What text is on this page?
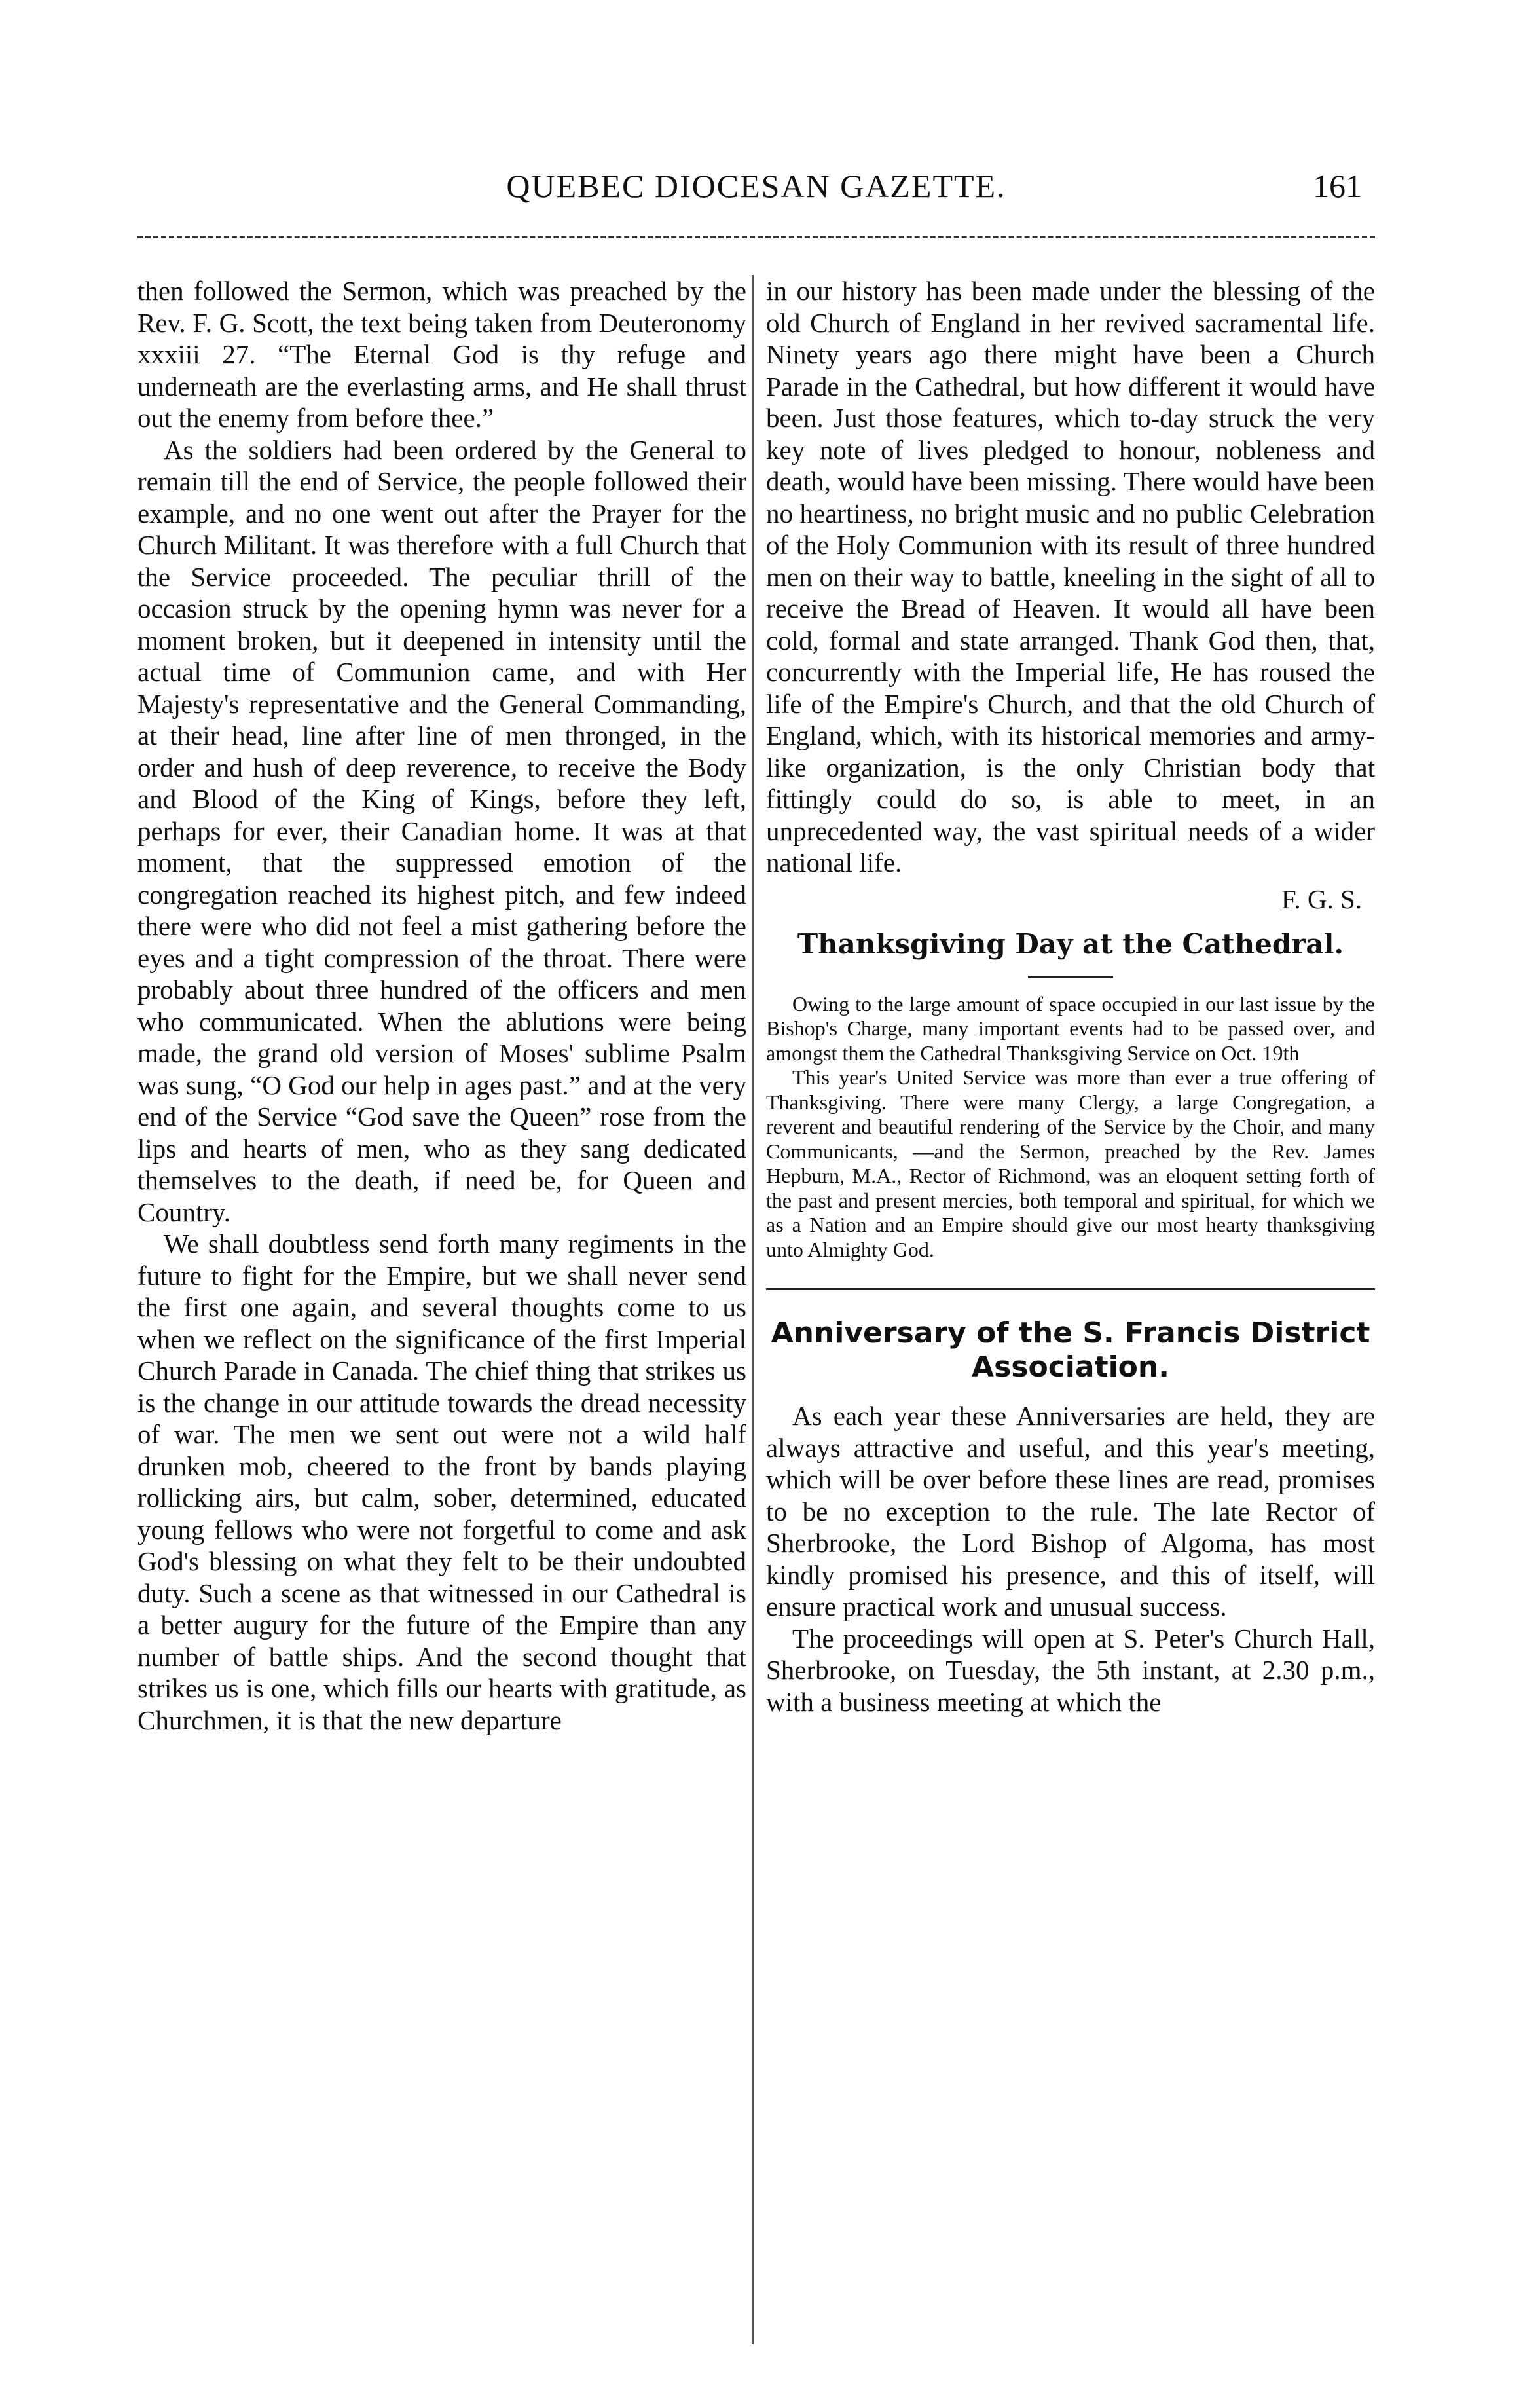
QUEBEC DIOCESAN GAZETTE.	161

then followed the Sermon, which was preached by the Rev. F. G. Scott, the text being taken from Deuteronomy xxxiii 27. “The Eternal God is thy refuge and underneath are the everlasting arms, and He shall thrust out the enemy from before thee.”

As the soldiers had been ordered by the General to remain till the end of Service, the people followed their example, and no one went out after the Prayer for the Church Militant. It was therefore with a full Church that the Service proceeded. The peculiar thrill of the occasion struck by the opening hymn was never for a moment broken, but it deepened in intensity until the actual time of Communion came, and with Her Majesty's representative and the General Commanding, at their head, line after line of men thronged, in the order and hush of deep reverence, to receive the Body and Blood of the King of Kings, before they left, perhaps for ever, their Canadian home. It was at that moment, that the suppressed emotion of the congregation reached its highest pitch, and few indeed there were who did not feel a mist gathering before the eyes and a tight compression of the throat. There were probably about three hundred of the officers and men who communicated. When the ablutions were being made, the grand old version of Moses' sublime Psalm was sung, “O God our help in ages past.” and at the very end of the Service “God save the Queen” rose from the lips and hearts of men, who as they sang dedicated themselves to the death, if need be, for Queen and Country.

We shall doubtless send forth many regiments in the future to fight for the Empire, but we shall never send the first one again, and several thoughts come to us when we reflect on the significance of the first Imperial Church Parade in Canada. The chief thing that strikes us is the change in our attitude towards the dread necessity of war. The men we sent out were not a wild half drunken mob, cheered to the front by bands playing rollicking airs, but calm, sober, determined, educated young fellows who were not forgetful to come and ask God's blessing on what they felt to be their undoubted duty. Such a scene as that witnessed in our Cathedral is a better augury for the future of the Empire than any number of battle ships. And the second thought that strikes us is one, which fills our hearts with gratitude, as Churchmen, it is that the new departure

in our history has been made under the blessing of the old Church of England in her revived sacramental life. Ninety years ago there might have been a Church Parade in the Cathedral, but how different it would have been. Just those features, which to-day struck the very key note of lives pledged to honour, nobleness and death, would have been missing. There would have been no heartiness, no bright music and no public Celebration of the Holy Communion with its result of three hundred men on their way to battle, kneeling in the sight of all to receive the Bread of Heaven. It would all have been cold, formal and state arranged. Thank God then, that, concurrently with the Imperial life, He has roused the life of the Empire's Church, and that the old Church of England, which, with its historical memories and army-like organization, is the only Christian body that fittingly could do so, is able to meet, in an unprecedented way, the vast spiritual needs of a wider national life.

F. G. S.
Thanksgiving Day at the Cathedral.

Owing to the large amount of space occupied in our last issue by the Bishop's Charge, many important events had to be passed over, and amongst them the Cathedral Thanksgiving Service on Oct. 19th

This year's United Service was more than ever a true offering of Thanksgiving. There were many Clergy, a large Congregation, a reverent and beautiful rendering of the Service by the Choir, and many Communicants, —and the Sermon, preached by the Rev. James Hepburn, M.A., Rector of Richmond, was an eloquent setting forth of the past and present mercies, both temporal and spiritual, for which we as a Nation and an Empire should give our most hearty thanksgiving unto Almighty God.

Anniversary of the S. Francis District Association.

As each year these Anniversaries are held, they are always attractive and useful, and this year's meeting, which will be over before these lines are read, promises to be no exception to the rule. The late Rector of Sherbrooke, the Lord Bishop of Algoma, has most kindly promised his presence, and this of itself, will ensure practical work and unusual success.

The proceedings will open at S. Peter's Church Hall, Sherbrooke, on Tuesday, the 5th instant, at 2.30 p.m., with a business meeting at which the
